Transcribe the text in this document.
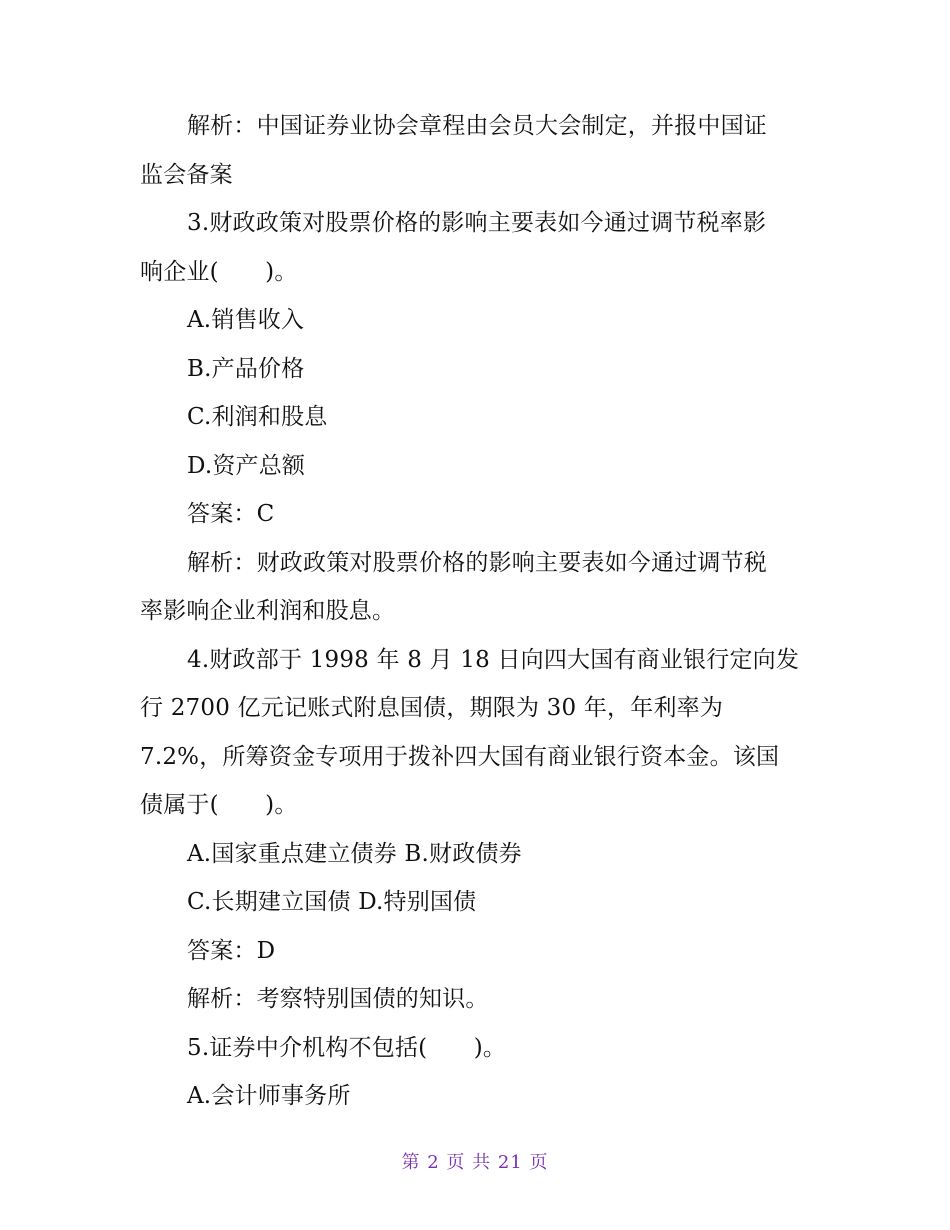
解析：中国证券业协会章程由会员大会制定，并报中国证
监会备案
3.财政政策对股票价格的影响主要表如今通过调节税率影
响企业(　　)。
A.销售收入
B.产品价格
C.利润和股息
D.资产总额
答案：C
解析：财政政策对股票价格的影响主要表如今通过调节税
率影响企业利润和股息。
4.财政部于 1998 年 8 月 18 日向四大国有商业银行定向发
行 2700 亿元记账式附息国债，期限为 30 年，年利率为
7.2%，所筹资金专项用于拨补四大国有商业银行资本金。该国
债属于(　　)。
A.国家重点建立债券 B.财政债券
C.长期建立国债 D.特别国债
答案：D
解析：考察特别国债的知识。
5.证券中介机构不包括(　　)。
A.会计师事务所
第 2 页 共 21 页
